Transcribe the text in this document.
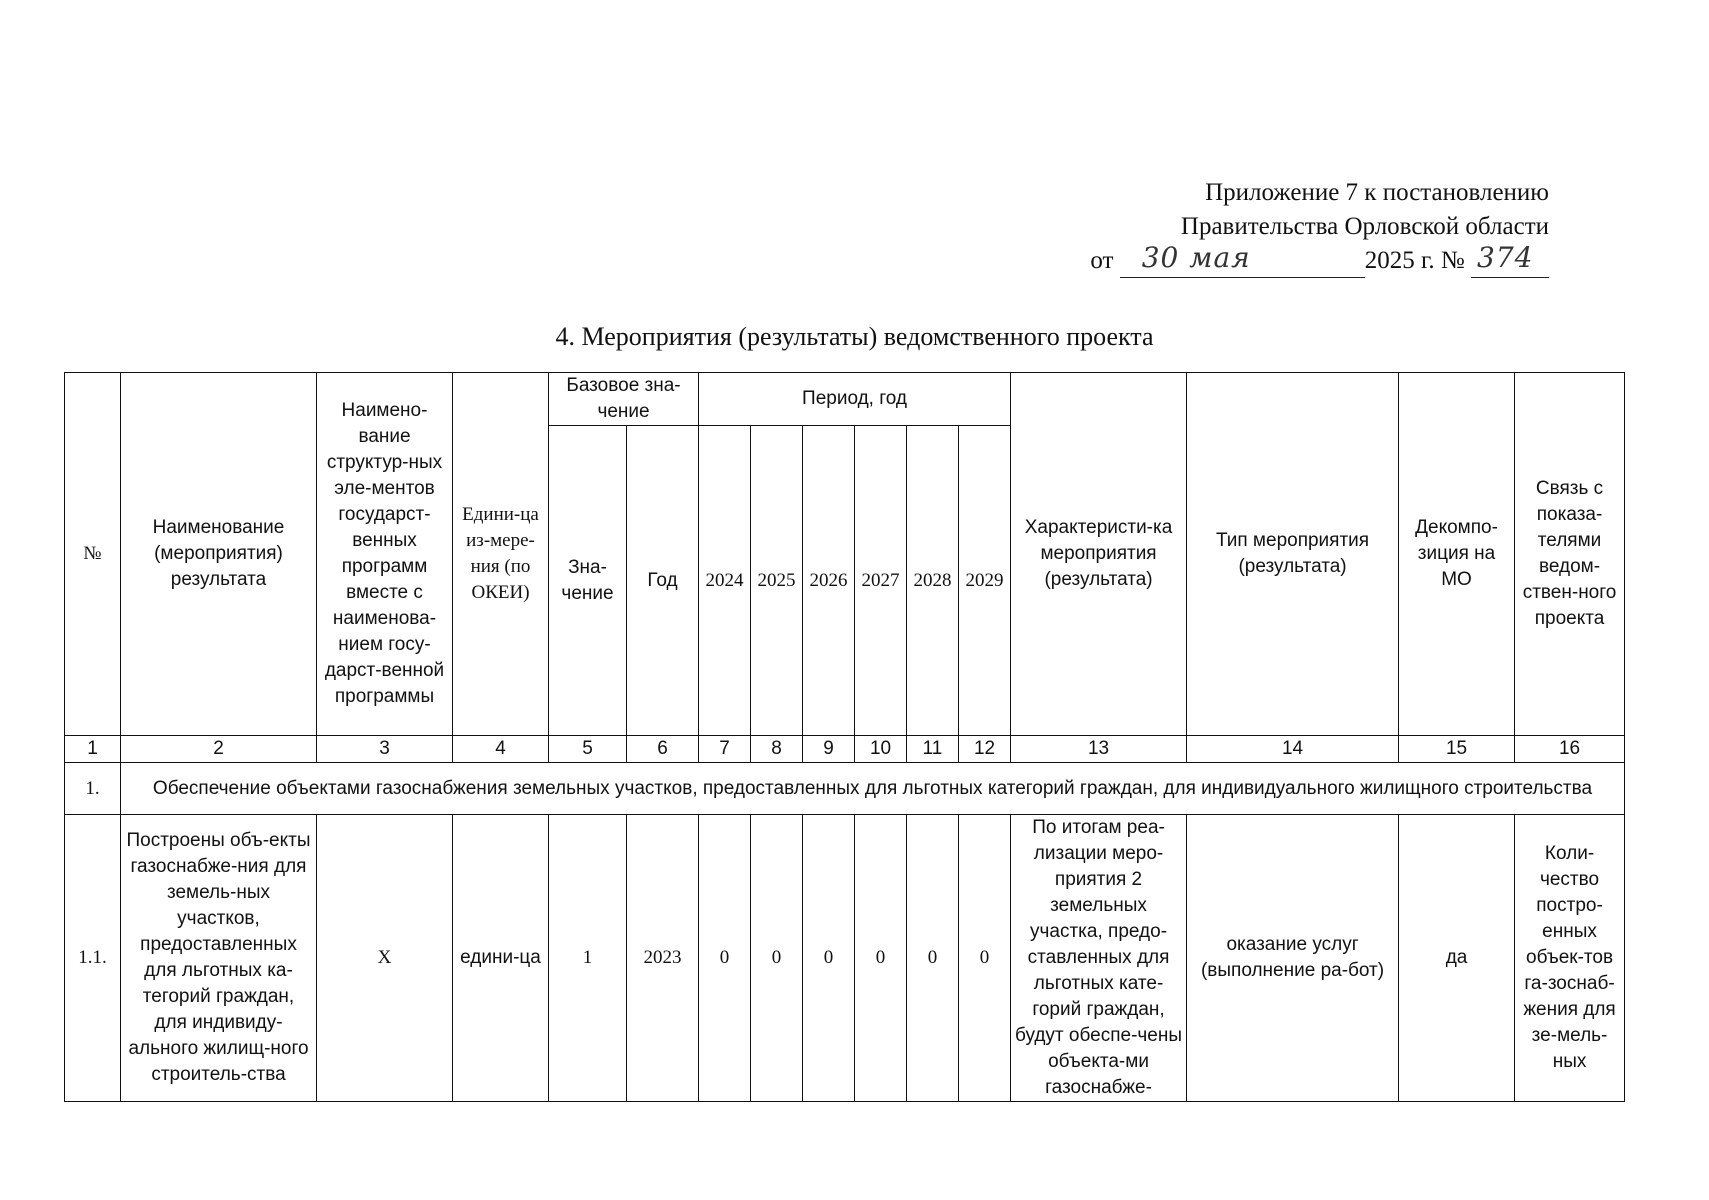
Приложение 7 к постановлению
Правительства Орловской области
от 30 мая	2025 г. № 374
4. Мероприятия (результаты) ведомственного проекта
№	Наименование (мероприятия) результата	Наимено-вание структур-ных эле-ментов государст-венных программ вместе с наименова-нием госу-дарст-венной программы	Едини-ца из-мере-ния (по ОКЕИ)	Базовое зна-чение		Период, год						Характеристи-ка мероприятия (результата)	Тип мероприятия (результата)	Декомпо-зиция на МО	Связь с показа-телями ведом-ствен-ного проекта
				Зна-чение	Год	2024	2025	2026	2027	2028	2029				
1	2	3	4	5	6	7	8	9	10	11	12	13	14	15	16
1.	Обеспечение объектами газоснабжения земельных участков, предоставленных для льготных категорий граждан, для индивидуального жилищного строительства														
1.1.	Построены объ-екты газоснабже-ния для земель-ных участков, предоставленных для льготных ка-тегорий граждан, для индивиду-ального жилищ-ного строитель-ства	Х	едини-ца	1	2023	0	0	0	0	0	0	По итогам реа-лизации меро-приятия 2 земельных участка, предо-ставленных для льготных кате-горий граждан, будут обеспе-чены объекта-ми газоснабже-	оказание услуг (выполнение ра-бот)	да	Коли-чество постро-енных объек-тов га-зоснаб-жения для зе-мель-ных
